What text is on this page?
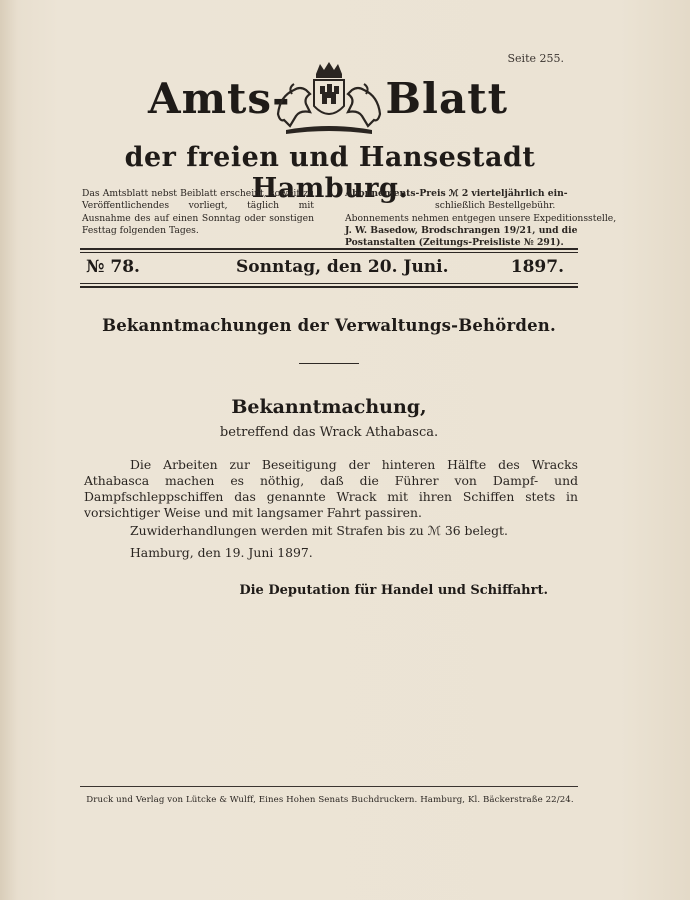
Seite 255.
Amts- Blatt
der freien und Hansestadt Hamburg.
Das Amtsblatt nebst Beiblatt erscheint, soweit zu Veröffentlichendes vorliegt, täglich mit Ausnahme des auf einen Sonntag oder sonstigen Festtag folgenden Tages.
Abonnements-Preis ℳ 2 vierteljährlich ein-
schließlich Bestellgebühr.
Abonnements nehmen entgegen unsere Expeditionsstelle,
J. W. Basedow, Brodschrangen 19/21, und die
Postanstalten (Zeitungs-Preisliste № 291).
№ 78.	Sonntag, den 20. Juni.	1897.
Bekanntmachungen der Verwaltungs-Behörden.
Bekanntmachung,
betreffend das Wrack Athabasca.

Die Arbeiten zur Beseitigung der hinteren Hälfte des Wracks Athabasca machen es nöthig, daß die Führer von Dampf- und Dampfschleppschiffen das genannte Wrack mit ihren Schiffen stets in vorsichtiger Weise und mit langsamer Fahrt passiren.

Zuwiderhandlungen werden mit Strafen bis zu ℳ 36 belegt.

Hamburg, den 19. Juni 1897.

Die Deputation für Handel und Schiffahrt.
Druck und Verlag von Lütcke & Wulff, Eines Hohen Senats Buchdruckern. Hamburg, Kl. Bäckerstraße 22/24.
